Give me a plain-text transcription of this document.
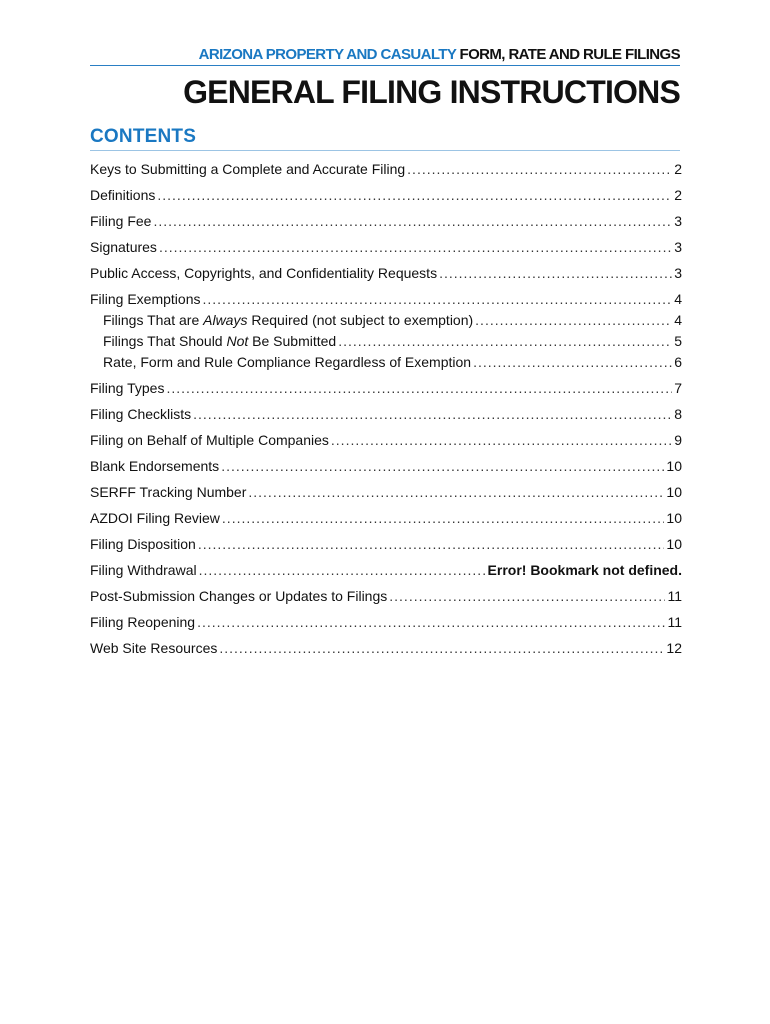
ARIZONA PROPERTY AND CASUALTY FORM, RATE AND RULE FILINGS
GENERAL FILING INSTRUCTIONS
CONTENTS
Keys to Submitting a Complete and Accurate Filing .....	2
Definitions .....	2
Filing Fee .....	3
Signatures .....	3
Public Access, Copyrights, and Confidentiality Requests .....	3
Filing Exemptions .....	4
Filings That are Always Required (not subject to exemption) .....	4
Filings That Should Not Be Submitted .....	5
Rate, Form and Rule Compliance Regardless of Exemption .....	6
Filing Types .....	7
Filing Checklists .....	8
Filing on Behalf of Multiple Companies .....	9
Blank Endorsements .....	10
SERFF Tracking Number .....	10
AZDOI Filing Review .....	10
Filing Disposition .....	10
Filing Withdrawal .....	Error! Bookmark not defined.
Post-Submission Changes or Updates to Filings .....	11
Filing Reopening .....	11
Web Site Resources .....	12
